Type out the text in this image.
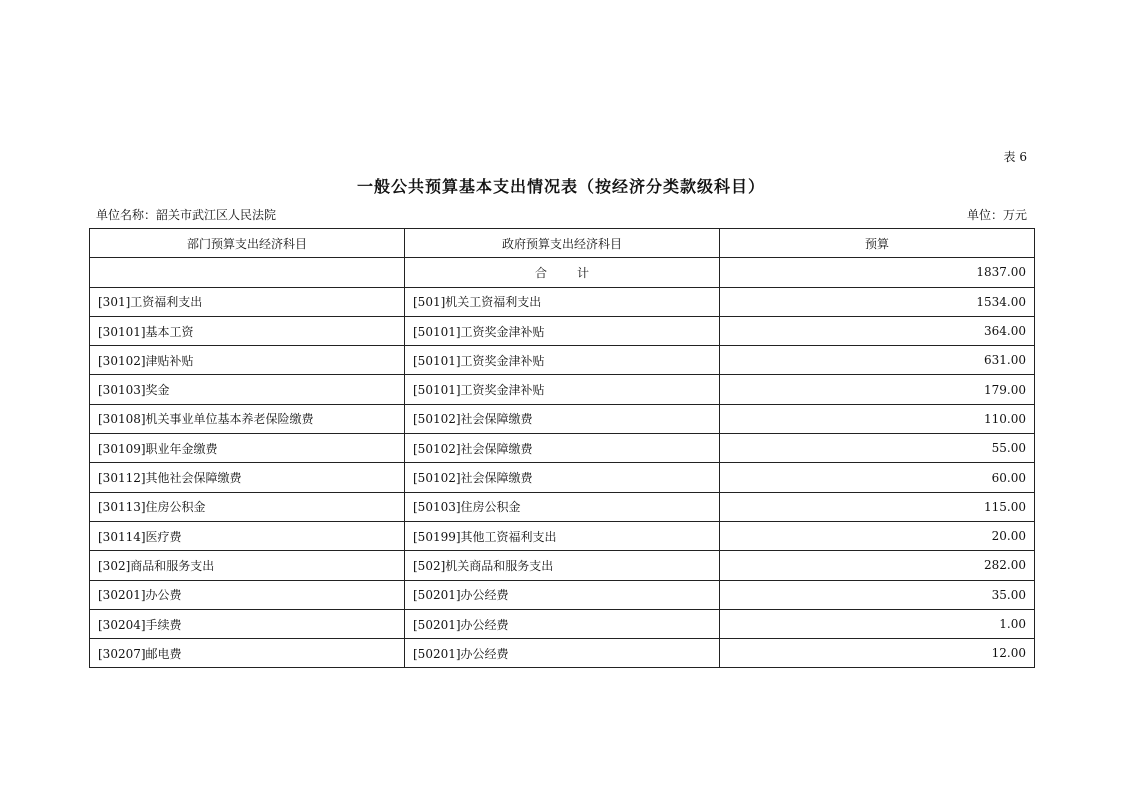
表 6
一般公共预算基本支出情况表（按经济分类款级科目）
单位名称：韶关市武江区人民法院	单位：万元
部门预算支出经济科目	政府预算支出经济科目	预算
	合计	1837.00
[301]工资福利支出	[501]机关工资福利支出	1534.00
[30101]基本工资	[50101]工资奖金津补贴	364.00
[30102]津贴补贴	[50101]工资奖金津补贴	631.00
[30103]奖金	[50101]工资奖金津补贴	179.00
[30108]机关事业单位基本养老保险缴费	[50102]社会保障缴费	110.00
[30109]职业年金缴费	[50102]社会保障缴费	55.00
[30112]其他社会保障缴费	[50102]社会保障缴费	60.00
[30113]住房公积金	[50103]住房公积金	115.00
[30114]医疗费	[50199]其他工资福利支出	20.00
[302]商品和服务支出	[502]机关商品和服务支出	282.00
[30201]办公费	[50201]办公经费	35.00
[30204]手续费	[50201]办公经费	1.00
[30207]邮电费	[50201]办公经费	12.00
